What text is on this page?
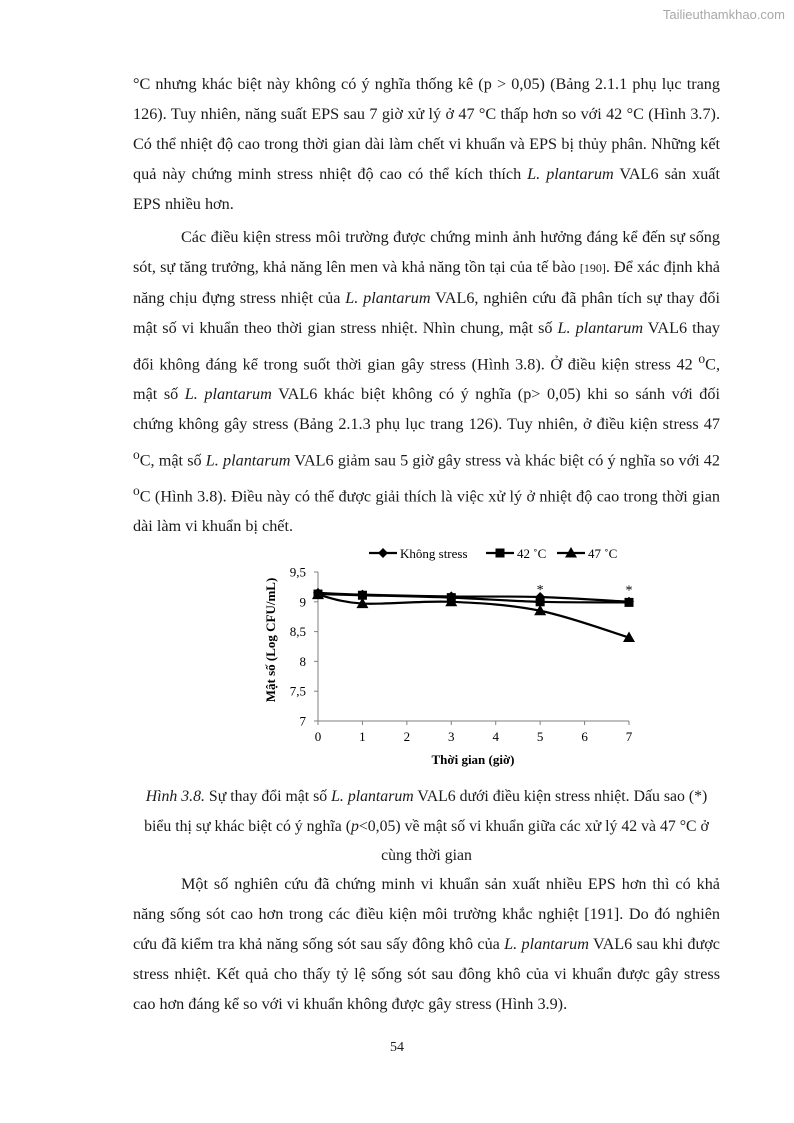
Tailieuthamkhao.com

°C nhưng khác biệt này không có ý nghĩa thống kê (p > 0,05) (Bảng 2.1.1 phụ lục trang 126). Tuy nhiên, năng suất EPS sau 7 giờ xử lý ở 47 °C thấp hơn so với 42 °C (Hình 3.7). Có thể nhiệt độ cao trong thời gian dài làm chết vi khuẩn và EPS bị thủy phân. Những kết quả này chứng minh stress nhiệt độ cao có thể kích thích L. plantarum VAL6 sản xuất EPS nhiều hơn.

Các điều kiện stress môi trường được chứng minh ảnh hưởng đáng kể đến sự sống sót, sự tăng trưởng, khả năng lên men và khả năng tồn tại của tế bào [190]. Để xác định khả năng chịu đựng stress nhiệt của L. plantarum VAL6, nghiên cứu đã phân tích sự thay đổi mật số vi khuẩn theo thời gian stress nhiệt. Nhìn chung, mật số L. plantarum VAL6 thay đổi không đáng kể trong suốt thời gian gây stress (Hình 3.8). Ở điều kiện stress 42 $^o$C, mật số L. plantarum VAL6 khác biệt không có ý nghĩa (p> 0,05) khi so sánh với đối chứng không gây stress (Bảng 2.1.3 phụ lục trang 126). Tuy nhiên, ở điều kiện stress 47 $^o$C, mật số L. plantarum VAL6 giảm sau 5 giờ gây stress và khác biệt có ý nghĩa so với 42 $^o$C (Hình 3.8). Điều này có thể được giải thích là việc xử lý ở nhiệt độ cao trong thời gian dài làm vi khuẩn bị chết.

Không stress	42 ˚C	47 ˚C
7
7,5
8
8,5
9
9,5
0	1	2	3	4	5	6	7
*	*
Mật số (Log CFU/mL)
Thời gian (giờ)

Hình 3.8. Sự thay đổi mật số L. plantarum VAL6 dưới điều kiện stress nhiệt. Dấu sao (*) biểu thị sự khác biệt có ý nghĩa (p<0,05) về mật số vi khuẩn giữa các xử lý 42 và 47 °C ở cùng thời gian

Một số nghiên cứu đã chứng minh vi khuẩn sản xuất nhiều EPS hơn thì có khả năng sống sót cao hơn trong các điều kiện môi trường khắc nghiệt [191]. Do đó nghiên cứu đã kiểm tra khả năng sống sót sau sấy đông khô của L. plantarum VAL6 sau khi được stress nhiệt. Kết quả cho thấy tỷ lệ sống sót sau đông khô của vi khuẩn được gây stress cao hơn đáng kể so với vi khuẩn không được gây stress (Hình 3.9).

54
